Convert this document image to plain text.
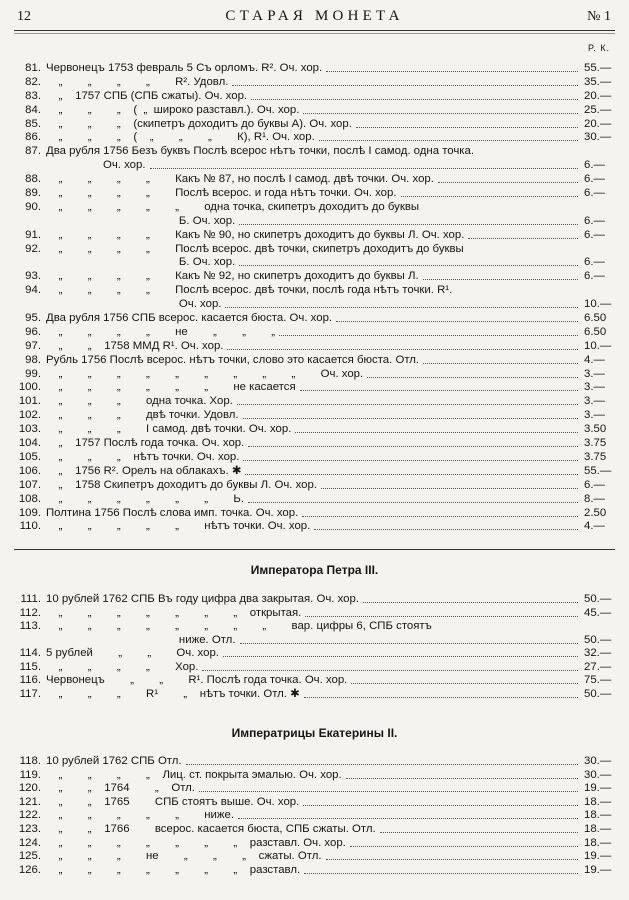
12	СТАРАЯ МОНЕТА	№ 1
Р. К.
81. Червонецъ 1753 февраль 5 Съ орломъ. R². Оч. хор.	55.—
82. „        „        „        „        R². Удовл.	35.—
83. „    1757 СПБ (СПБ сжаты). Оч. хор.	20.—
84. „        „        „    (  „  широко разставл.). Оч. хор.	25.—
85. „        „        „    (скипетръ доходитъ до буквы А). Оч. хор.	20.—
86. „        „        „    (    „        „        „        К), R¹. Оч. хор.	30.—
87. Два рубля 1756 Безъ буквъ Послѣ всерос нѣтъ точки, послѣ I самод. одна точка.
Оч. хор.	6.—
88. „        „        „        „        Какъ № 87, но послѣ I самод. двѣ точки. Оч. хор.	6.—
89. „        „        „        „        Послѣ всерос. и года нѣтъ точки. Оч. хор.	6.—
90. „        „        „        „        „        одна точка, скипетръ доходитъ до буквы
Б. Оч. хор.	6.—
91. „        „        „        „        Какъ № 90, но скипетръ доходитъ до буквы Л. Оч. хор.	6.—
92. „        „        „        „        Послѣ всерос. двѣ точки, скипетръ доходитъ до буквы
Б. Оч. хор.	6.—
93. „        „        „        „        Какъ № 92, но скипетръ доходитъ до буквы Л.	6.—
94. „        „        „        „        Послѣ всерос. двѣ точки, послѣ года нѣтъ точки. R¹.
Оч. хор.	10.—
95. Два рубля 1756 СПБ всерос. касается бюста. Оч. хор.	6.50
96. „        „        „        „        не        „        „        „	6.50
97. „        „    1758 ММД R¹. Оч. хор.	10.—
98. Рубль 1756 Послѣ всерос. нѣтъ точки, слово это касается бюста. Отл.	4.—
99. „        „        „        „        „        „        „        „        „        Оч. хор.	3.—
100. „        „        „        „        „        „        не касается	3.—
101. „        „        „        одна точка. Хор.	3.—
102. „        „        „        двѣ точки. Удовл.	3.—
103. „        „        „        I самод. двѣ точки. Оч. хор.	3.50
104. „    1757 Послѣ года точка. Оч. хор.	3.75
105. „        „        „    нѣтъ точки. Оч. хор.	3.75
106. „    1756 R². Орелъ на облакахъ. ✱	55.—
107. „    1758 Скипетръ доходитъ до буквы Л. Оч. хор.	6.—
108. „        „        „        „        „        „        Ь.	8.—
109. Полтина 1756 Послѣ слова имп. точка. Оч. хор.	2.50
110. „        „        „        „        „        нѣтъ точки. Оч. хор.	4.—
Императора Петра III.
111. 10 рублей 1762 СПБ Въ году цифра два закрытая. Оч. хор.	50.—
112. „        „        „        „        „        „        „    открытая.	45.—
113. „        „        „        „        „        „        „        „        вар. цифры 6, СПБ стоятъ
ниже. Отл.	50.—
114. 5 рублей        „        „        Оч. хор.	32.—
115. „        „        „        „        Хор.	27.—
116. Червонецъ        „        „        R¹. Послѣ года точка. Оч. хор.	75.—
117. „        „        „        R¹        „    нѣтъ точки. Отл. ✱	50.—
Императрицы Екатерины II.
118. 10 рублей 1762 СПБ Отл.	30.—
119. „        „        „        „    Лиц. ст. покрыта эмалью. Оч. хор.	30.—
120. „        „    1764        „    Отл.	19.—
121. „        „    1765        СПБ стоятъ выше. Оч. хор.	18.—
122. „        „        „        „        „        ниже.	18.—
123. „        „    1766        всерос. касается бюста, СПБ сжаты. Отл.	18.—
124. „        „        „        „        „        „        „    разставл. Оч. хор.	18.—
125. „        „        „        не        „        „        „    сжаты. Отл.	19.—
126. „        „        „        „        „        „        „    разставл.	19.—
